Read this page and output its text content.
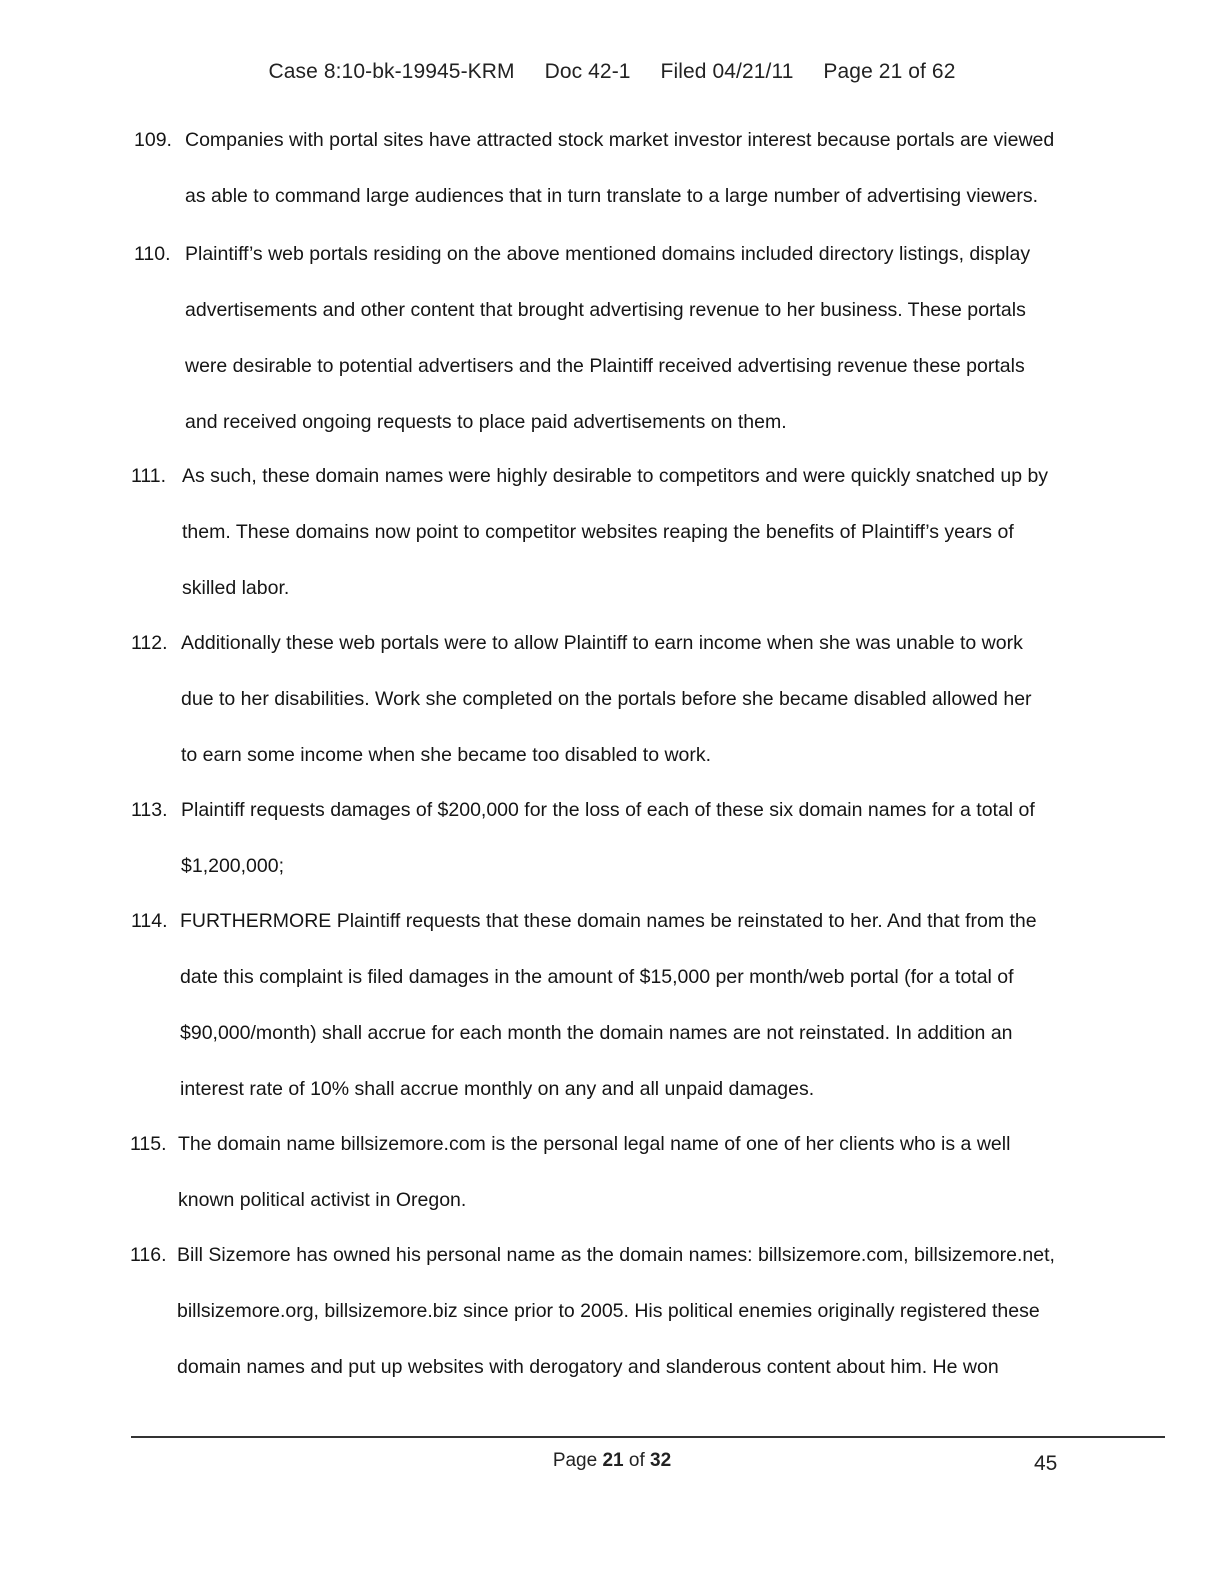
Case 8:10-bk-19945-KRM Doc 42-1 Filed 04/21/11 Page 21 of 62
109. Companies with portal sites have attracted stock market investor interest because portals are viewed
as able to command large audiences that in turn translate to a large number of advertising viewers.
110. Plaintiff’s web portals residing on the above mentioned domains included directory listings, display
advertisements and other content that brought advertising revenue to her business. These portals
were desirable to potential advertisers and the Plaintiff received advertising revenue these portals
and received ongoing requests to place paid advertisements on them.
111. As such, these domain names were highly desirable to competitors and were quickly snatched up by
them. These domains now point to competitor websites reaping the benefits of Plaintiff’s years of
skilled labor.
112. Additionally these web portals were to allow Plaintiff to earn income when she was unable to work
due to her disabilities. Work she completed on the portals before she became disabled allowed her
to earn some income when she became too disabled to work.
113. Plaintiff requests damages of $200,000 for the loss of each of these six domain names for a total of
$1,200,000;
114. FURTHERMORE Plaintiff requests that these domain names be reinstated to her. And that from the
date this complaint is filed damages in the amount of $15,000 per month/web portal (for a total of
$90,000/month) shall accrue for each month the domain names are not reinstated. In addition an
interest rate of 10% shall accrue monthly on any and all unpaid damages.
115. The domain name billsizemore.com is the personal legal name of one of her clients who is a well
known political activist in Oregon.
116. Bill Sizemore has owned his personal name as the domain names: billsizemore.com, billsizemore.net,
billsizemore.org, billsizemore.biz since prior to 2005. His political enemies originally registered these
domain names and put up websites with derogatory and slanderous content about him. He won
Page 21 of 32	45
